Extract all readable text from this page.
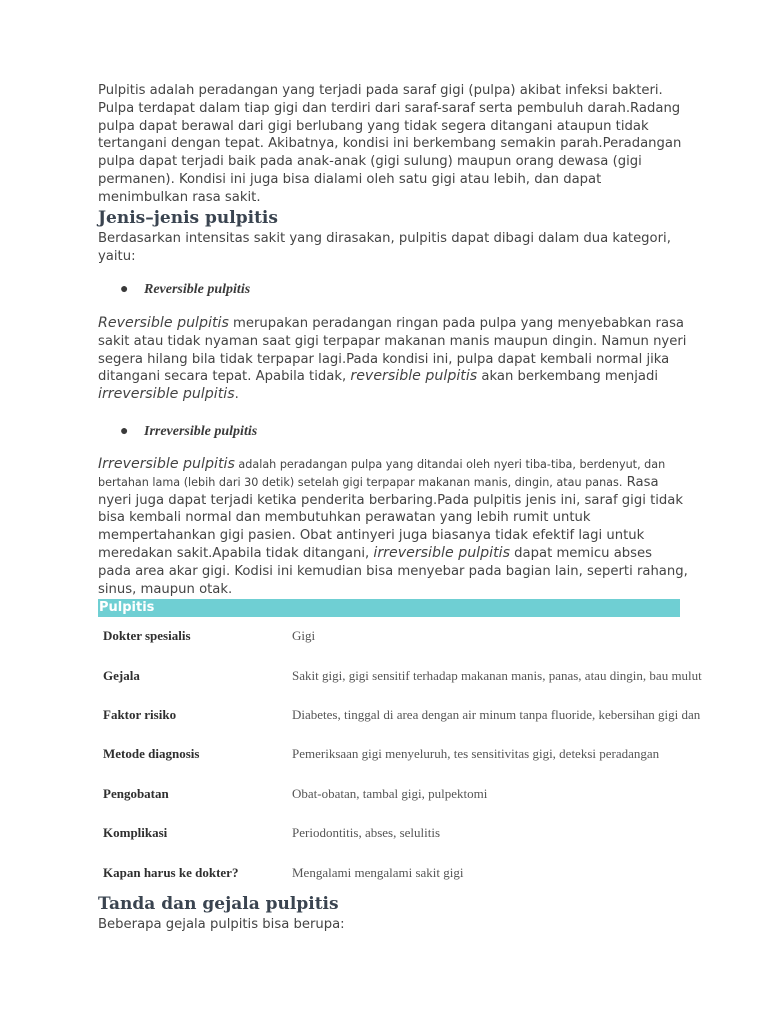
Pulpitis adalah peradangan yang terjadi pada saraf gigi (pulpa) akibat infeksi bakteri. Pulpa terdapat dalam tiap gigi dan terdiri dari saraf-saraf serta pembuluh darah.Radang pulpa dapat berawal dari gigi berlubang yang tidak segera ditangani ataupun tidak tertangani dengan tepat. Akibatnya, kondisi ini berkembang semakin parah.Peradangan pulpa dapat terjadi baik pada anak-anak (gigi sulung) maupun orang dewasa (gigi permanen). Kondisi ini juga bisa dialami oleh satu gigi atau lebih, dan dapat menimbulkan rasa sakit.

Jenis–jenis pulpitis

Berdasarkan intensitas sakit yang dirasakan, pulpitis dapat dibagi dalam dua kategori, yaitu:

● Reversible pulpitis

Reversible pulpitis merupakan peradangan ringan pada pulpa yang menyebabkan rasa sakit atau tidak nyaman saat gigi terpapar makanan manis maupun dingin. Namun nyeri segera hilang bila tidak terpapar lagi.Pada kondisi ini, pulpa dapat kembali normal jika ditangani secara tepat. Apabila tidak, reversible pulpitis akan berkembang menjadi irreversible pulpitis.

● Irreversible pulpitis

Irreversible pulpitis adalah peradangan pulpa yang ditandai oleh nyeri tiba-tiba, berdenyut, dan bertahan lama (lebih dari 30 detik) setelah gigi terpapar makanan manis, dingin, atau panas. Rasa nyeri juga dapat terjadi ketika penderita berbaring.Pada pulpitis jenis ini, saraf gigi tidak bisa kembali normal dan membutuhkan perawatan yang lebih rumit untuk mempertahankan gigi pasien. Obat antinyeri juga biasanya tidak efektif lagi untuk meredakan sakit.Apabila tidak ditangani, irreversible pulpitis dapat memicu abses pada area akar gigi. Kodisi ini kemudian bisa menyebar pada bagian lain, seperti rahang, sinus, maupun otak.

Pulpitis
Dokter spesialis	Gigi
Gejala	Sakit gigi, gigi sensitif terhadap makanan manis, panas, atau dingin, bau mulut
Faktor risiko	Diabetes, tinggal di area dengan air minum tanpa fluoride, kebersihan gigi dan
Metode diagnosis	Pemeriksaan gigi menyeluruh, tes sensitivitas gigi, deteksi peradangan
Pengobatan	Obat-obatan, tambal gigi, pulpektomi
Komplikasi	Periodontitis, abses, selulitis
Kapan harus ke dokter?	Mengalami mengalami sakit gigi
Tanda dan gejala pulpitis

Beberapa gejala pulpitis bisa berupa:
